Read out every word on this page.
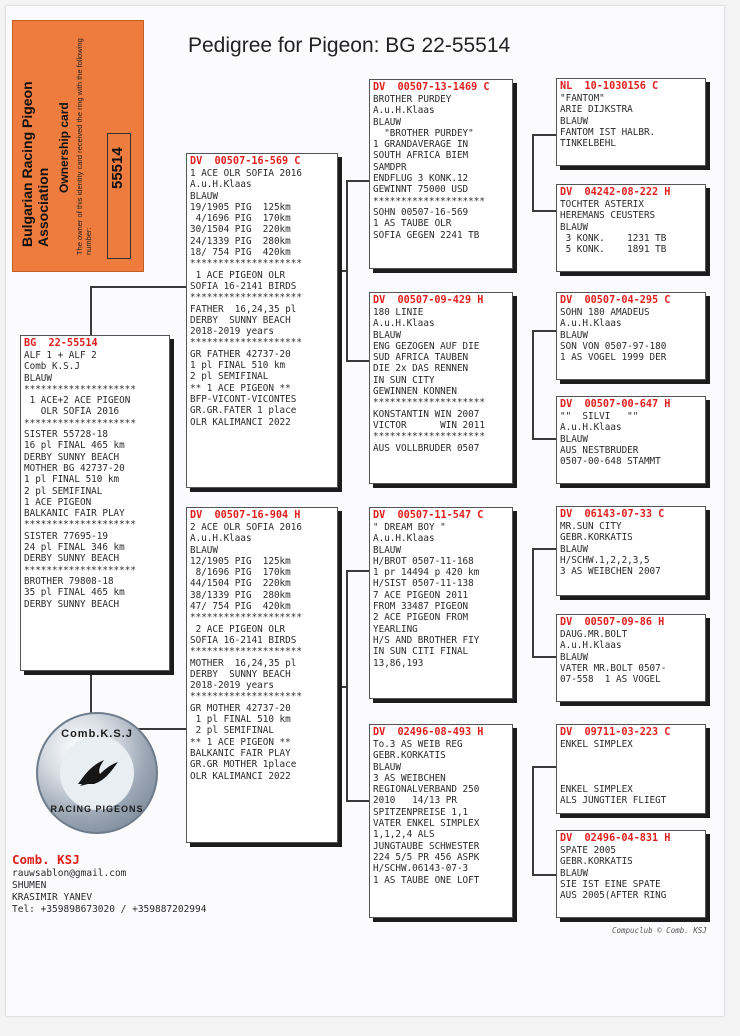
Pedigree for Pigeon: BG 22-55514
Bulgarian Racing Pigeon Association
Ownership card The owner of this identity card received the ring with the following number:
55514
BG  22-55514
ALF 1 + ALF 2
Comb K.S.J
BLAUW
********************
1 ACE+2 ACE PIGEON
OLR SOFIA 2016
********************
SISTER 55728-18
16 pl FINAL 465 km
DERBY SUNNY BEACH
MOTHER BG 42737-20
1 pl FINAL 510 km
2 pl SEMIFINAL
1 ACE PIGEON
BALKANIC FAIR PLAY
********************
SISTER 77695-19
24 pl FINAL 346 km
DERBY SUNNY BEACH
********************
BROTHER 79808-18
35 pl FINAL 465 km
DERBY SUNNY BEACH
DV  00507-16-569 C
1 ACE OLR SOFIA 2016
A.u.H.Klaas
BLAUW
19/1905 PIG  125km
4/1696 PIG  170km
30/1504 PIG  220km
24/1339 PIG  280km
18/ 754 PIG  420km
********************
1 ACE PIGEON OLR
SOFIA 16-2141 BIRDS
********************
FATHER  16,24,35 pl
DERBY  SUNNY BEACH
2018-2019 years
********************
GR FATHER 42737-20
1 pl FINAL 510 km
2 pl SEMIFINAL
** 1 ACE PIGEON **
BFP-VICONT-VICONTES
GR.GR.FATER 1 place
OLR KALIMANCI 2022
DV  00507-16-904 H
2 ACE OLR SOFIA 2016
A.u.H.Klaas
BLAUW
12/1905 PIG  125km
8/1696 PIG  170km
44/1504 PIG  220km
38/1339 PIG  280km
47/ 754 PIG  420km
********************
2 ACE PIGEON OLR
SOFIA 16-2141 BIRDS
********************
MOTHER  16,24,35 pl
DERBY  SUNNY BEACH
2018-2019 years
********************
GR MOTHER 42737-20
1 pl FINAL 510 km
2 pl SEMIFINAL
** 1 ACE PIGEON **
BALKANIC FAIR PLAY
GR.GR MOTHER 1place
OLR KALIMANCI 2022
DV  00507-13-1469 C
BROTHER PURDEY
A.u.H.Klaas
BLAUW
"BROTHER PURDEY"
1 GRANDAVERAGE IN
SOUTH AFRICA BIEM
SAMDPR
ENDFLUG 3 KONK.12
GEWINNT 75000 USD
********************
SOHN 00507-16-569
1 AS TAUBE OLR
SOFIA GEGEN 2241 TB
DV  00507-09-429 H
180 LINIE
A.u.H.Klaas
BLAUW
ENG GEZOGEN AUF DIE
SUD AFRICA TAUBEN
DIE 2x DAS RENNEN
IN SUN CITY
GEWINNEN KONNEN
********************
KONSTANTIN WIN 2007
VICTOR      WIN 2011
********************
AUS VOLLBRUDER 0507
DV  00507-11-547 C
" DREAM BOY "
A.u.H.Klaas
BLAUW
H/BROT 0507-11-168
1 pr 14494 p 420 km
H/SIST 0507-11-138
7 ACE PIGEON 2011
FROM 33487 PIGEON
2 ACE PIGEON FROM
YEARLING
H/S AND BROTHER FIY
IN SUN CITI FINAL
13,86,193
DV  02496-08-493 H
To.3 AS WEIB REG
GEBR.KORKATIS
BLAUW
3 AS WEIBCHEN
REGIONALVERBAND 250
2010   14/13 PR
SPITZENPREISE 1,1
VATER ENKEL SIMPLEX
1,1,2,4 ALS
JUNGTAUBE SCHWESTER
224 5/5 PR 456 ASPK
H/SCHW.06143-07-3
1 AS TAUBE ONE LOFT
NL  10-1030156 C
"FANTOM"
ARIE DIJKSTRA
BLAUW
FANTOM IST HALBR.
TINKELBEHL
DV  04242-08-222 H
TOCHTER ASTERIX
HEREMANS CEUSTERS
BLAUW
3 KONK.    1231 TB
5 KONK.    1891 TB
DV  00507-04-295 C
SOHN 180 AMADEUS
A.u.H.Klaas
BLAUW
SON VON 0507-97-180
1 AS VOGEL 1999 DER
DV  00507-00-647 H
""  SILVI   ""
A.u.H.Klaas
BLAUW
AUS NESTBRUDER
0507-00-648 STAMMT
DV  06143-07-33 C
MR.SUN CITY
GEBR.KORKATIS
BLAUW
H/SCHW.1,2,2,3,5
3 AS WEIBCHEN 2007
DV  00507-09-86 H
DAUG.MR.BOLT
A.u.H.Klaas
BLAUW
VATER MR.BOLT 0507-
07-558  1 AS VOGEL
DV  09711-03-223 C
ENKEL SIMPLEX
ENKEL SIMPLEX
ALS JUNGTIER FLIEGT
DV  02496-04-831 H
SPATE 2005
GEBR.KORKATIS
BLAUW
SIE IST EINE SPATE
AUS 2005(AFTER RING
Comb.K.S.J
RACING PIGEONS
Comb. KSJ
rauwsablon@gmail.com
SHUMEN
KRASIMIR YANEV
Tel: +359898673020 / +359887202994
Compuclub © Comb. KSJ
